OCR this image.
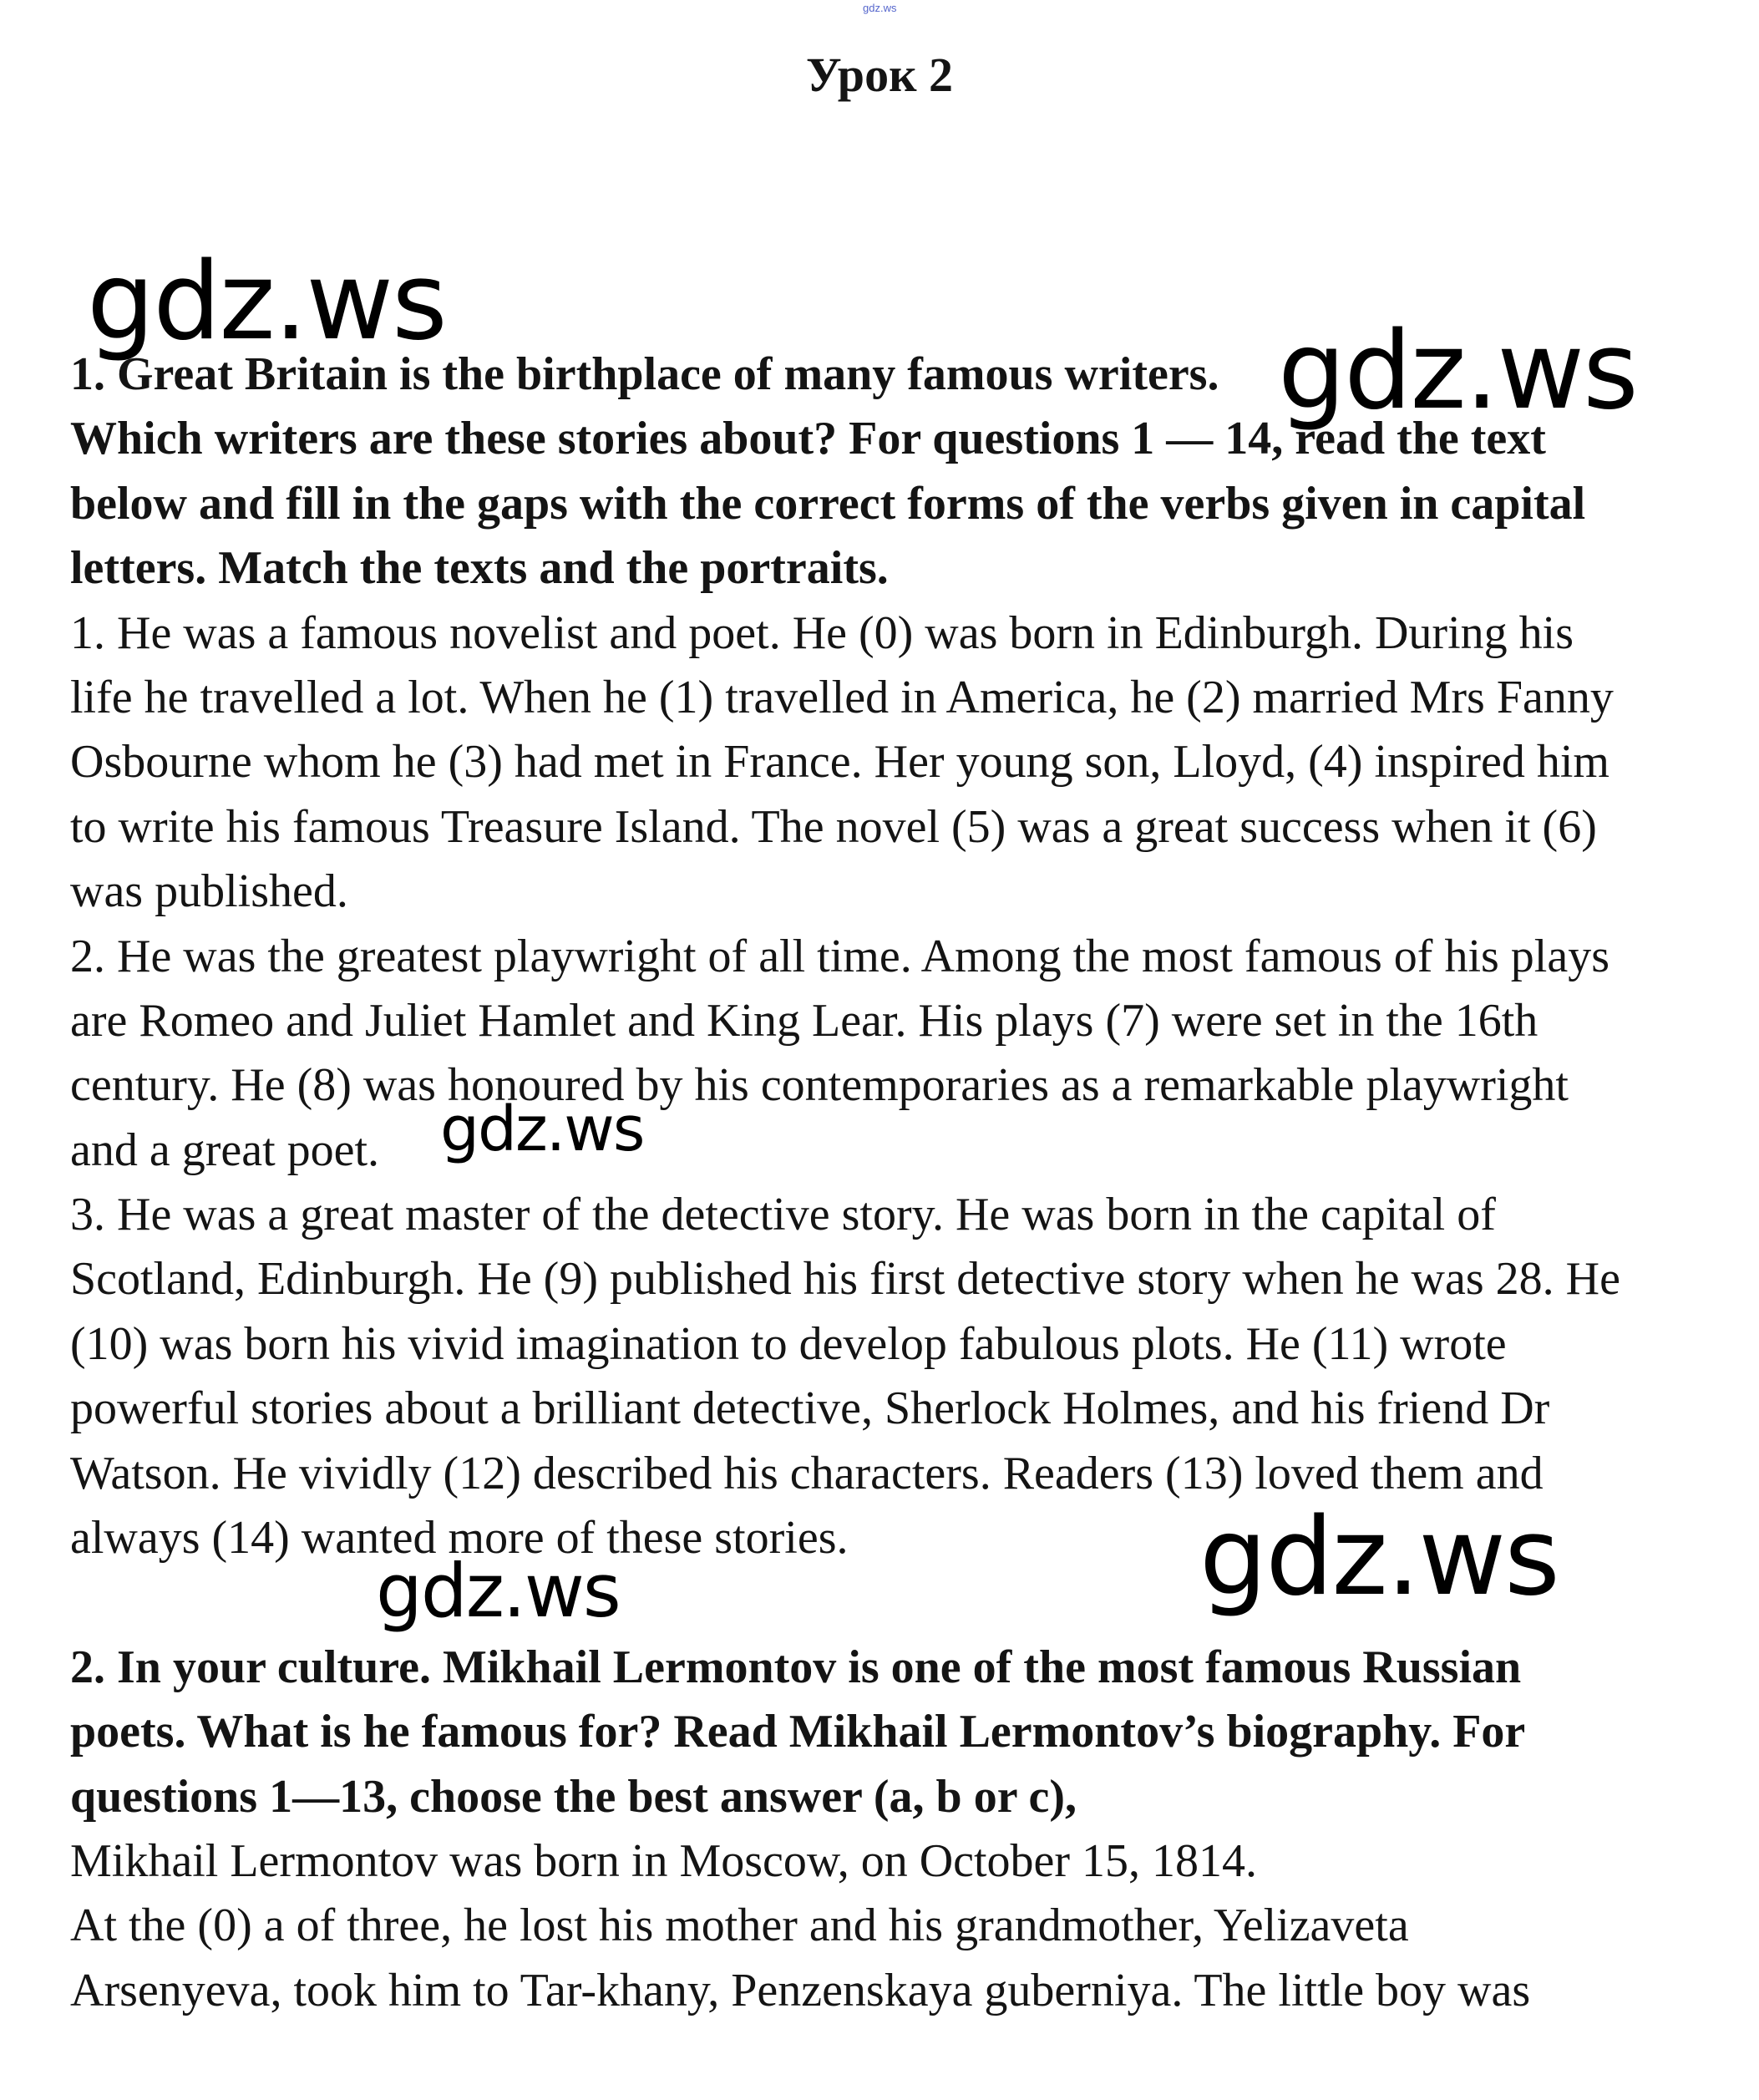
gdz.ws
Урок 2
1. Great Britain is the birthplace of many famous writers.
Which writers are these stories about? For questions 1 — 14, read the text
below and fill in the gaps with the correct forms of the verbs given in capital
letters. Match the texts and the portraits.
1. He was a famous novelist and poet. He (0) was born in Edinburgh. During his
life he travelled a lot. When he (1) travelled in America, he (2) married Mrs Fanny
Osbourne whom he (3) had met in France. Her young son, Lloyd, (4) inspired him
to write his famous Treasure Island. The novel (5) was a great success when it (6)
was published.
2. He was the greatest playwright of all time. Among the most famous of his plays
are Romeo and Juliet Hamlet and King Lear. His plays (7) were set in the 16th
century. He (8) was honoured by his contemporaries as a remarkable playwright
and a great poet.
3. He was a great master of the detective story. He was born in the capital of
Scotland, Edinburgh. He (9) published his first detective story when he was 28. He
(10) was born his vivid imagination to develop fabulous plots. He (11) wrote
powerful stories about a brilliant detective, Sherlock Holmes, and his friend Dr
Watson. He vividly (12) described his characters. Readers (13) loved them and
always (14) wanted more of these stories.
2. In your culture. Mikhail Lermontov is one of the most famous Russian
poets. What is he famous for? Read Mikhail Lermontov’s biography. For
questions 1—13, choose the best answer (a, b or c),
Mikhail Lermontov was born in Moscow, on October 15, 1814.
At the (0) a of three, he lost his mother and his grandmother, Yelizaveta
Arsenyeva, took him to Tar-khany, Penzenskaya guberniya. The little boy was
gdz.ws
gdz.ws
gdz.ws
gdz.ws
gdz.ws
